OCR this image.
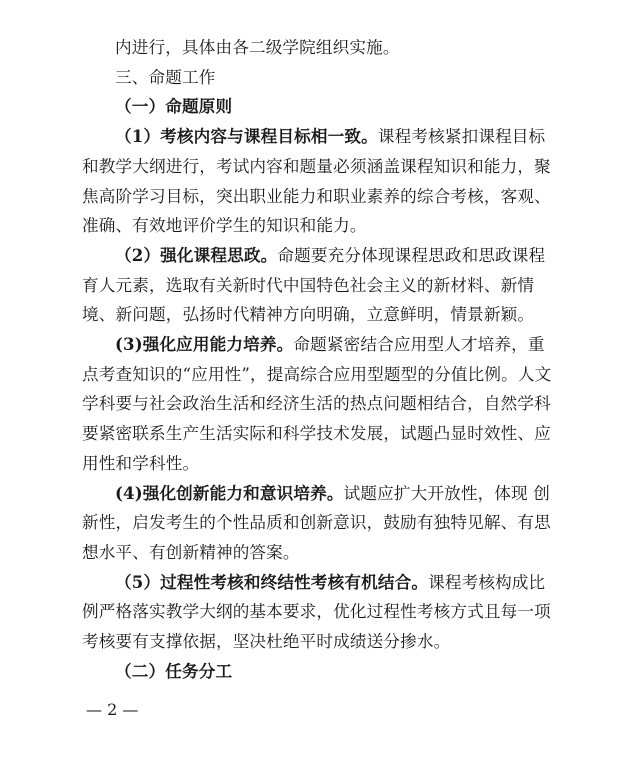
内进行，具体由各二级学院组织实施。

三、命题工作

（一）命题原则

（1）考核内容与课程目标相一致。课程考核紧扣课程目标和教学大纲进行，考试内容和题量必须涵盖课程知识和能力，聚焦高阶学习目标，突出职业能力和职业素养的综合考核，客观、准确、有效地评价学生的知识和能力。

（2）强化课程思政。命题要充分体现课程思政和思政课程育人元素，选取有关新时代中国特色社会主义的新材料、新情境、新问题，弘扬时代精神方向明确，立意鲜明，情景新颖。

(3)强化应用能力培养。命题紧密结合应用型人才培养，重点考查知识的“应用性”，提高综合应用型题型的分值比例。人文学科要与社会政治生活和经济生活的热点问题相结合，自然学科要紧密联系生产生活实际和科学技术发展，试题凸显时效性、应用性和学科性。

(4)强化创新能力和意识培养。试题应扩大开放性，体现 创新性，启发考生的个性品质和创新意识，鼓励有独特见解、有思想水平、有创新精神的答案。

（5）过程性考核和终结性考核有机结合。课程考核构成比例严格落实教学大纲的基本要求，优化过程性考核方式且每一项考核要有支撑依据，坚决杜绝平时成绩送分掺水。

（二）任务分工

— 2 —
